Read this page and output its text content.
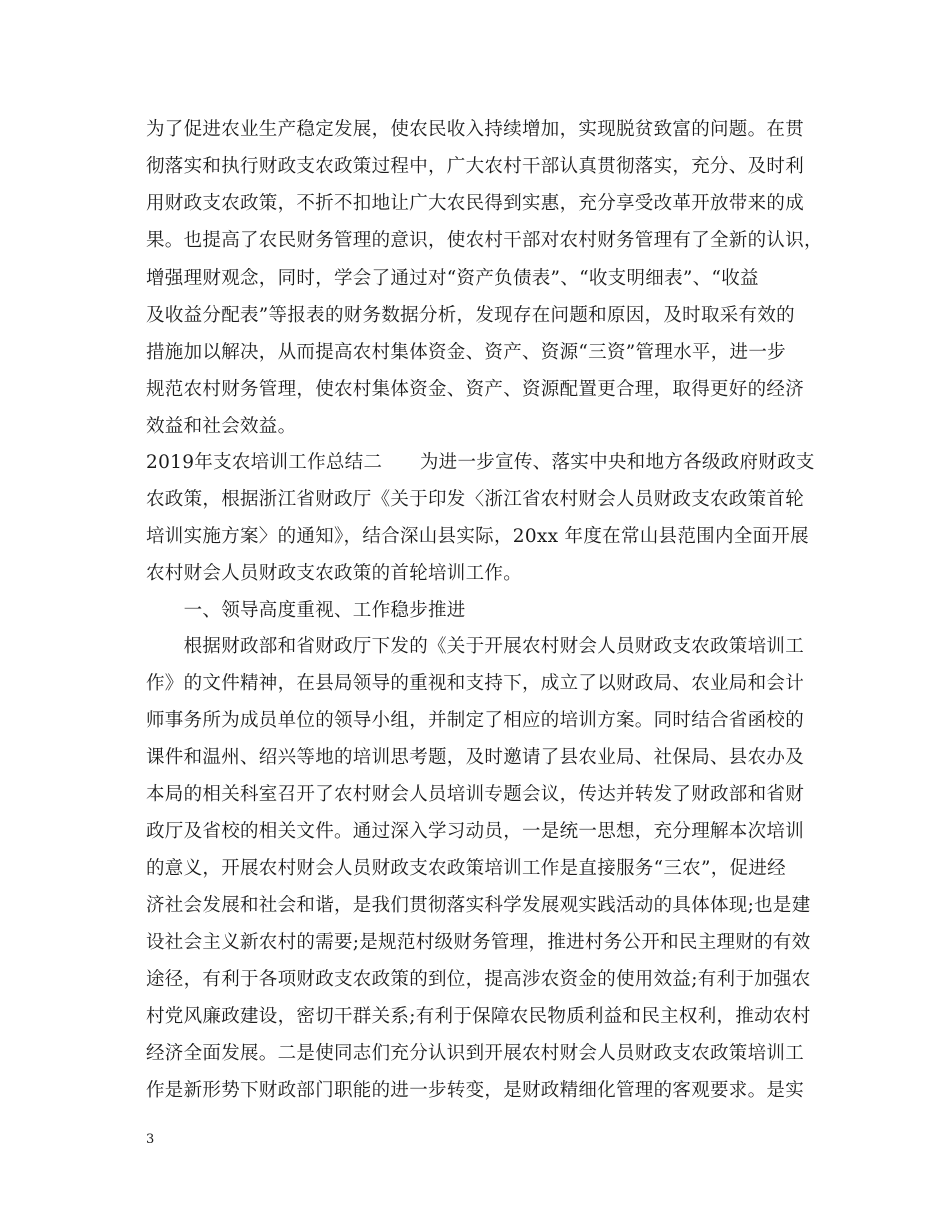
为了促进农业生产稳定发展，使农民收入持续增加，实现脱贫致富的问题。在贯
彻落实和执行财政支农政策过程中，广大农村干部认真贯彻落实，充分、及时利
用财政支农政策，不折不扣地让广大农民得到实惠，充分享受改革开放带来的成
果。也提高了农民财务管理的意识，使农村干部对农村财务管理有了全新的认识，
增强理财观念，同时，学会了通过对“资产负债表”、“收支明细表”、“收益
及收益分配表”等报表的财务数据分析，发现存在问题和原因，及时取采有效的
措施加以解决，从而提高农村集体资金、资产、资源“三资”管理水平，进一步
规范农村财务管理，使农村集体资金、资产、资源配置更合理，取得更好的经济
效益和社会效益。
2019年支农培训工作总结二　　为进一步宣传、落实中央和地方各级政府财政支
农政策，根据浙江省财政厅《关于印发〈浙江省农村财会人员财政支农政策首轮
培训实施方案〉的通知》，结合深山县实际，20xx 年度在常山县范围内全面开展
农村财会人员财政支农政策的首轮培训工作。
　　一、领导高度重视、工作稳步推进
　　根据财政部和省财政厅下发的《关于开展农村财会人员财政支农政策培训工
作》的文件精神，在县局领导的重视和支持下，成立了以财政局、农业局和会计
师事务所为成员单位的领导小组，并制定了相应的培训方案。同时结合省函校的
课件和温州、绍兴等地的培训思考题，及时邀请了县农业局、社保局、县农办及
本局的相关科室召开了农村财会人员培训专题会议，传达并转发了财政部和省财
政厅及省校的相关文件。通过深入学习动员，一是统一思想，充分理解本次培训
的意义，开展农村财会人员财政支农政策培训工作是直接服务“三农”，促进经
济社会发展和社会和谐，是我们贯彻落实科学发展观实践活动的具体体现;也是建
设社会主义新农村的需要;是规范村级财务管理，推进村务公开和民主理财的有效
途径，有利于各项财政支农政策的到位，提高涉农资金的使用效益;有利于加强农
村党风廉政建设，密切干群关系;有利于保障农民物质利益和民主权利，推动农村
经济全面发展。二是使同志们充分认识到开展农村财会人员财政支农政策培训工
作是新形势下财政部门职能的进一步转变，是财政精细化管理的客观要求。是实
3
